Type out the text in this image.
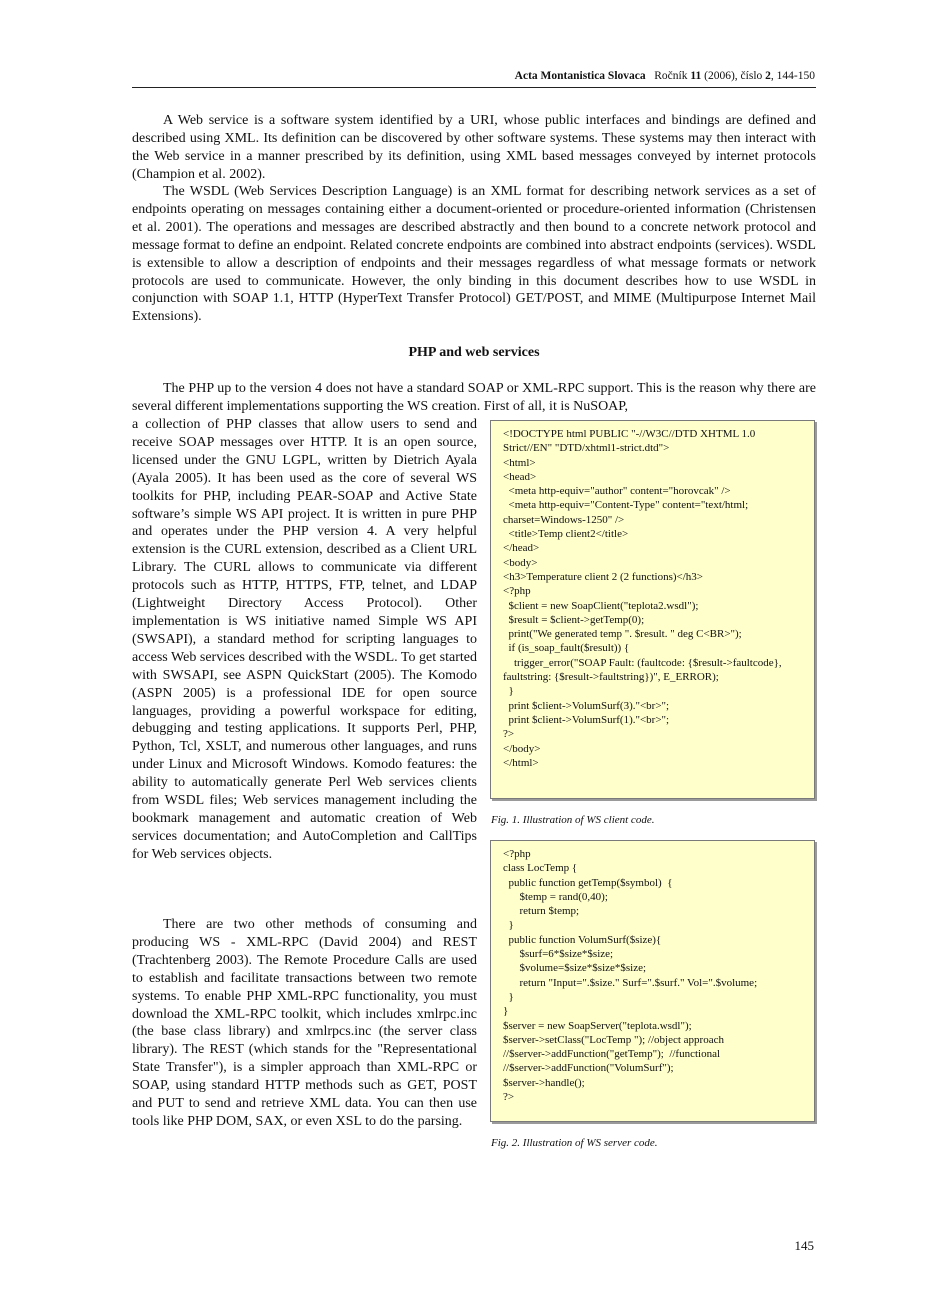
Acta Montanistica Slovaca Ročník 11 (2006), číslo 2, 144-150

A Web service is a software system identified by a URI, whose public interfaces and bindings are defined and described using XML. Its definition can be discovered by other software systems. These systems may then interact with the Web service in a manner prescribed by its definition, using XML based messages conveyed by internet protocols (Champion et al. 2002).

The WSDL (Web Services Description Language) is an XML format for describing network services as a set of endpoints operating on messages containing either a document-oriented or procedure-oriented information (Christensen et al. 2001). The operations and messages are described abstractly and then bound to a concrete network protocol and message format to define an endpoint. Related concrete endpoints are combined into abstract endpoints (services). WSDL is extensible to allow a description of endpoints and their messages regardless of what message formats or network protocols are used to communicate. However, the only binding in this document describes how to use WSDL in conjunction with SOAP 1.1, HTTP (HyperText Transfer Protocol) GET/POST, and MIME (Multipurpose Internet Mail Extensions).

PHP and web services

The PHP up to the version 4 does not have a standard SOAP or XML-RPC support. This is the reason why there are several different implementations supporting the WS creation. First of all, it is NuSOAP,

a collection of PHP classes that allow users to send and receive SOAP messages over HTTP. It is an open source, licensed under the GNU LGPL, written by Dietrich Ayala (Ayala 2005). It has been used as the core of several WS toolkits for PHP, including PEAR-SOAP and Active State software’s simple WS API project. It is written in pure PHP and operates under the PHP version 4. A very helpful extension is the CURL extension, described as a Client URL Library. The CURL allows to communicate via different protocols such as HTTP, HTTPS, FTP, telnet, and LDAP (Lightweight Directory Access Protocol). Other implementation is WS initiative named Simple WS API (SWSAPI), a standard method for scripting languages to access Web services described with the WSDL. To get started with SWSAPI, see ASPN QuickStart (2005). The Komodo (ASPN 2005) is a professional IDE for open source languages, providing a powerful workspace for editing, debugging and testing applications. It supports Perl, PHP, Python, Tcl, XSLT, and numerous other languages, and runs under Linux and Microsoft Windows. Komodo features: the ability to automatically generate Perl Web services clients from WSDL files; Web services management including the bookmark management and automatic creation of Web services documentation; and AutoCompletion and CallTips for Web services objects.

There are two other methods of consuming and producing WS - XML-RPC (David 2004) and REST (Trachtenberg 2003). The Remote Procedure Calls are used to establish and facilitate transactions between two remote systems. To enable PHP XML-RPC functionality, you must download the XML-RPC toolkit, which includes xmlrpc.inc (the base class library) and xmlrpcs.inc (the server class library). The REST (which stands for the "Representational State Transfer"), is a simpler approach than XML-RPC or SOAP, using standard HTTP methods such as GET, POST and PUT to send and retrieve XML data. You can then use tools like PHP DOM, SAX, or even XSL to do the parsing.

<!DOCTYPE html PUBLIC "-//W3C//DTD XHTML 1.0 Strict//EN" "DTD/xhtml1-strict.dtd">
<html>
<head>
<meta http-equiv="author" content="horovcak" />
<meta http-equiv="Content-Type" content="text/html; charset=Windows-1250" />
<title>Temp client2</title>
</head>
<body>
<h3>Temperature client 2 (2 functions)</h3>
<?php
$client = new SoapClient("teplota2.wsdl");
$result = $client->getTemp(0);
print("We generated temp ". $result. " deg C<BR>");
if (is_soap_fault($result)) {
trigger_error("SOAP Fault: (faultcode: {$result->faultcode}, faultstring: {$result->faultstring})", E_ERROR);
}
print $client->VolumSurf(3)."<br>";
print $client->VolumSurf(1)."<br>";
?>
</body>
</html>
Fig. 1. Illustration of WS client code.
<?php
class LocTemp {
public function getTemp($symbol)  {
$temp = rand(0,40);
return $temp;
}
public function VolumSurf($size){
$surf=6*$size*$size;
$volume=$size*$size*$size;
return "Input=".$size." Surf=".$surf." Vol=".$volume;
}
}
$server = new SoapServer("teplota.wsdl");
$server->setClass("LocTemp "); //object approach
//$server->addFunction("getTemp");  //functional
//$server->addFunction("VolumSurf");
$server->handle();
?>
Fig. 2. Illustration of WS server code.
145
